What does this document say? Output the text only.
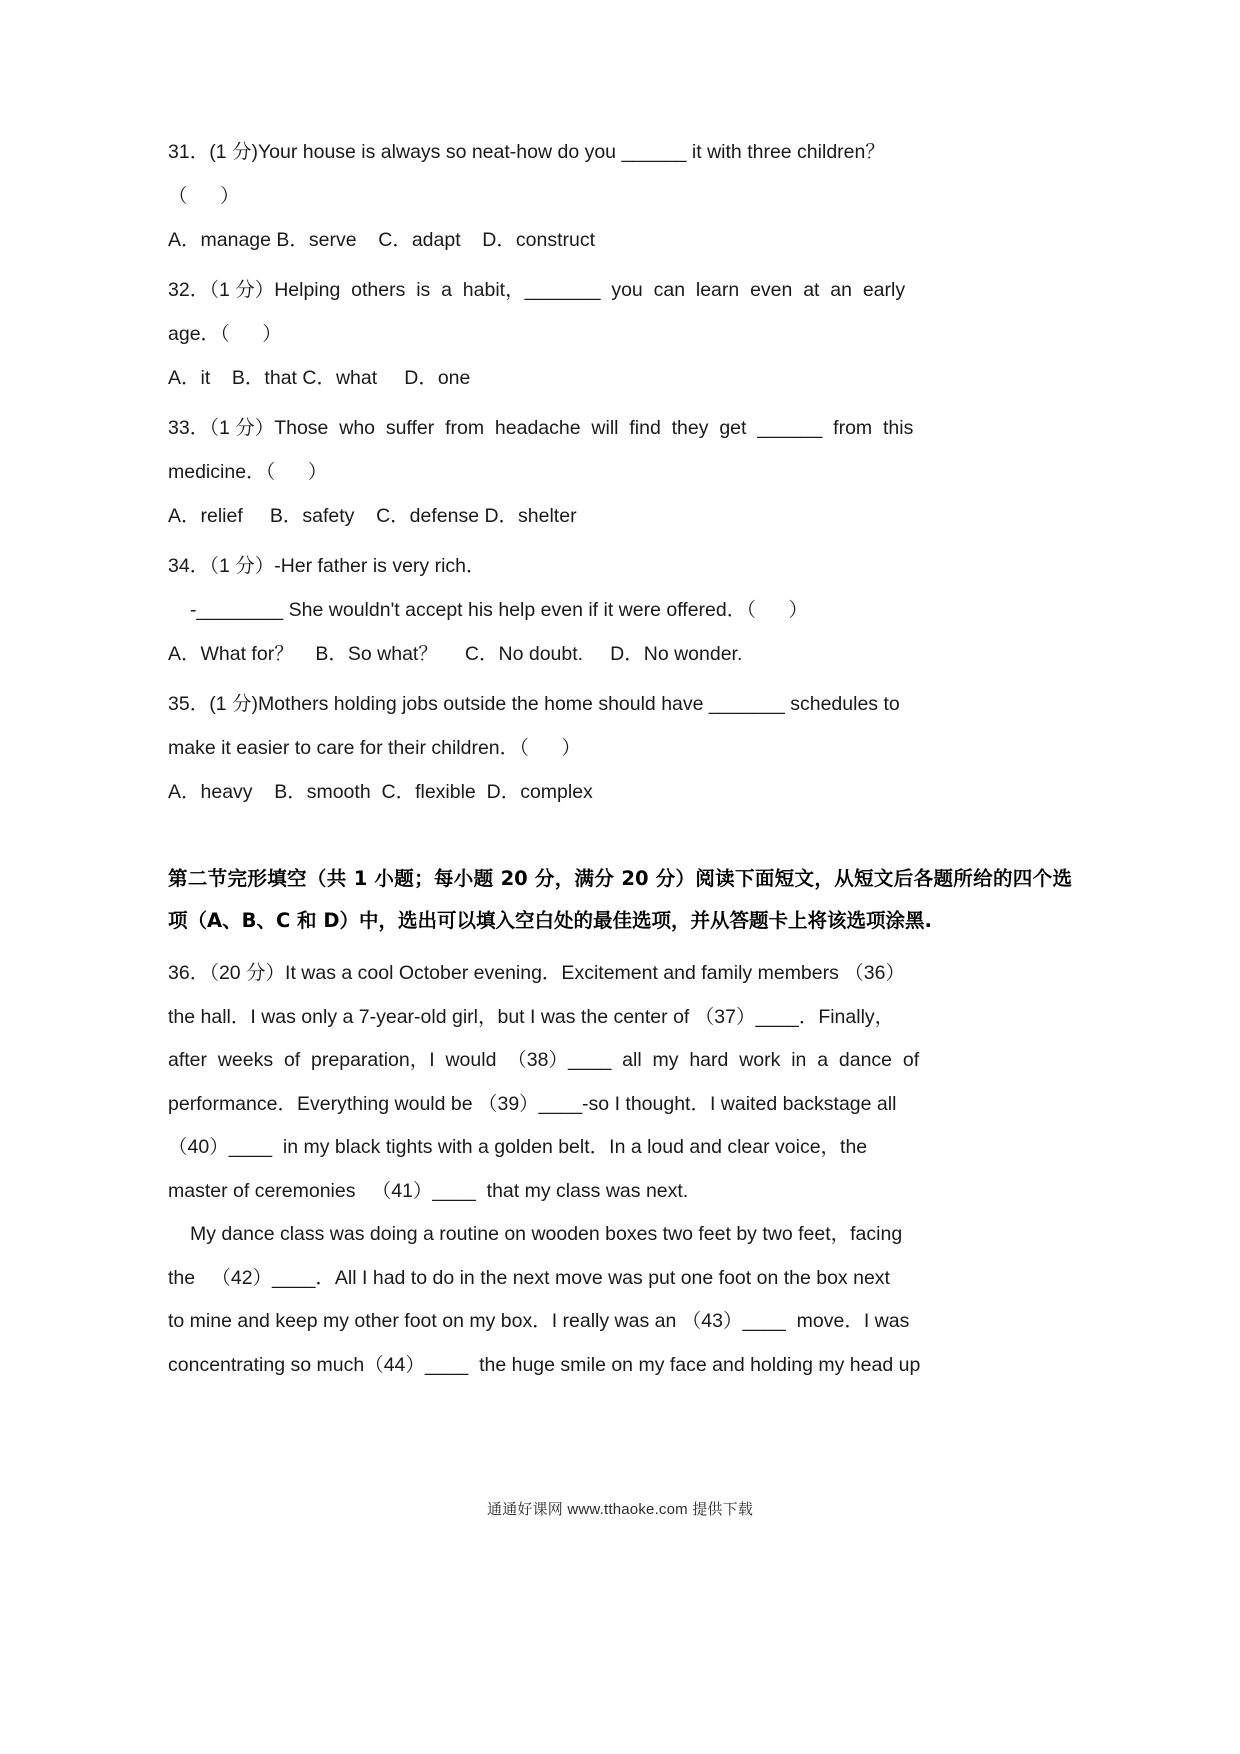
31．(1 分)Your house is always so neat‐how do you ______ it with three children？
（      ）
A．manage B．serve    C．adapt    D．construct
32．（1 分）Helping  others  is  a  habit，_______  you  can  learn  even  at  an  early
age．（      ）
A．it    B．that C．what     D．one
33．（1 分）Those  who  suffer  from  headache  will  find  they  get  ______  from  this
medicine．（      ）
A．relief     B．safety    C．defense D．shelter
34．（1 分）‐Her father is very rich．
‐________ She wouldn't accept his help even if it were offered．（      ）
A．What for？    B．So what？     C．No doubt.     D．No wonder.
35．(1 分)Mothers holding jobs outside the home should have _______ schedules to
make it easier to care for their children．（      ）
A．heavy    B．smooth  C．flexible  D．complex
第二节完形填空（共 1 小题；每小题 20 分，满分 20 分）阅读下面短文，从短文后各题所给的四个选项（A、B、C 和 D）中，选出可以填入空白处的最佳选项，并从答题卡上将该选项涂黑.
36．（20 分）It was a cool October evening．Excitement and family members （36）
the hall．I was only a 7‐year‐old girl，but I was the center of （37）____．Finally，
after  weeks  of  preparation，I  would  （38）____  all  my  hard  work  in  a  dance  of
performance．Everything would be （39）____‐so I thought．I waited backstage all
（40）____  in my black tights with a golden belt．In a loud and clear voice，the
master of ceremonies   （41）____  that my class was next.
My dance class was doing a routine on wooden boxes two feet by two feet，facing
the   （42）____．All I had to do in the next move was put one foot on the box next
to mine and keep my other foot on my box．I really was an （43）____  move．I was
concentrating so much（44）____  the huge smile on my face and holding my head up
通通好课网 www.tthaoke.com 提供下载
